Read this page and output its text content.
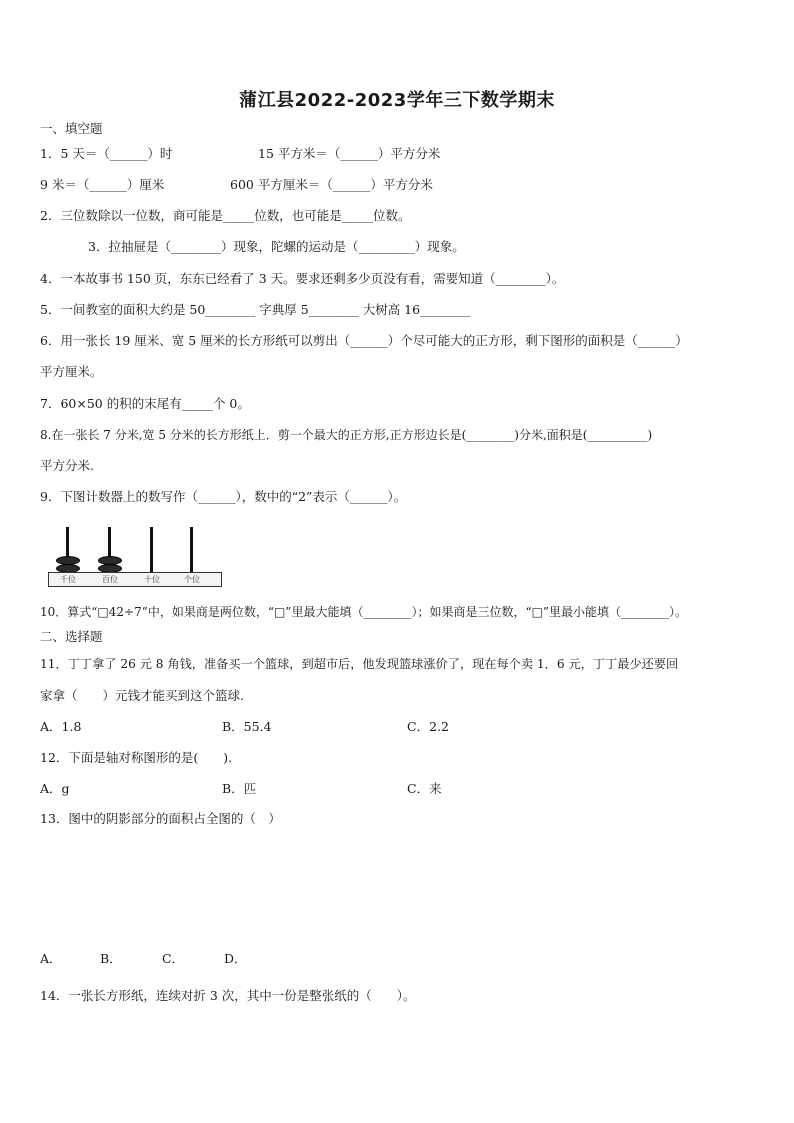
蒲江县2022-2023学年三下数学期末
一、填空题
1．5 天＝（______）时	15 平方米＝（______）平方分米
9 米＝（______）厘米	600 平方厘米＝（______）平方分米
2．三位数除以一位数，商可能是_____位数，也可能是_____位数。
3．拉抽屉是（________）现象，陀螺的运动是（_________）现象。
4．一本故事书 150 页，东东已经看了 3 天。要求还剩多少页没有看，需要知道（________）。
5．一间教室的面积大约是 50________ 字典厚 5________ 大树高 16________
6．用一张长 19 厘米、宽 5 厘米的长方形纸可以剪出（______）个尽可能大的正方形，剩下图形的面积是（______）
平方厘米。
7．60×50 的积的末尾有_____个 0。
8.在一张长 7 分米,宽 5 分米的长方形纸上．剪一个最大的正方形,正方形边长是(________)分米,面积是(__________)
平方分米.
9．下图计数器上的数写作（______），数中的“2”表示（______）。
千位	百位	十位	个位
10．算式“□42÷7”中，如果商是两位数，“□”里最大能填（________）；如果商是三位数，“□”里最小能填（________）。
二、选择题
11．丁丁拿了 26 元 8 角钱，准备买一个篮球，到超市后，他发现篮球涨价了，现在每个卖 1．6 元，丁丁最少还要回
家拿（　　）元钱才能买到这个篮球.
A．1.8	B．55.4	C．2.2
12．下面是轴对称图形的是(　　).
A．g	B．匹	C．来
13．图中的阴影部分的面积占全图的（　）
A．	B．	C．	D．
14．一张长方形纸，连续对折 3 次，其中一份是整张纸的（　　）。
